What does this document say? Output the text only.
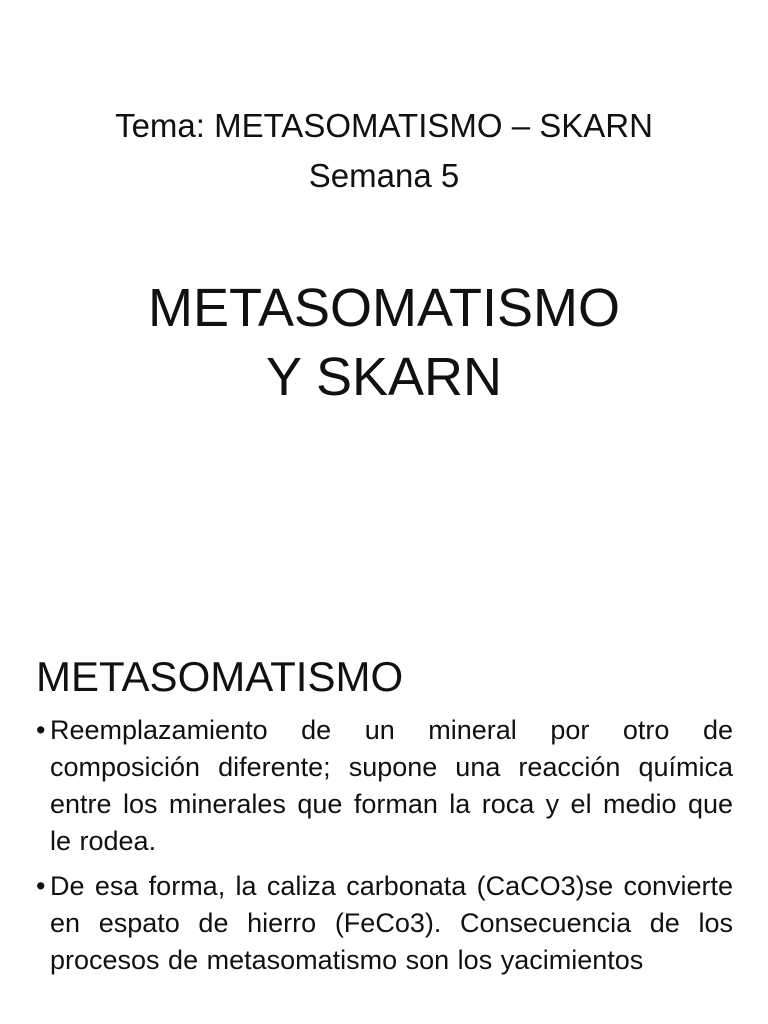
Tema: METASOMATISMO – SKARN
Semana 5
METASOMATISMO
Y SKARN
METASOMATISMO
• Reemplazamiento de un mineral por otro de composición diferente; supone una reacción química entre los minerales que forman la roca y el medio que le rodea.
• De esa forma, la caliza carbonata (CaCO3)se convierte en espato de hierro (FeCo3). Consecuencia de los procesos de metasomatismo son los yacimientos
